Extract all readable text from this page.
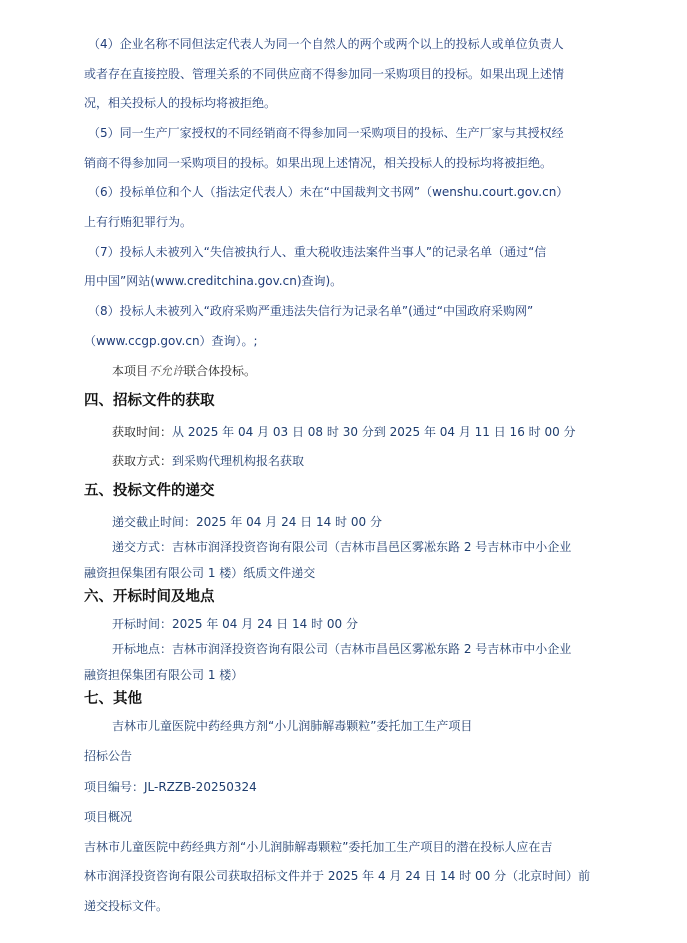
（4）企业名称不同但法定代表人为同一个自然人的两个或两个以上的投标人或单位负责人
或者存在直接控股、管理关系的不同供应商不得参加同一采购项目的投标。如果出现上述情
况，相关投标人的投标均将被拒绝。
（5）同一生产厂家授权的不同经销商不得参加同一采购项目的投标、生产厂家与其授权经
销商不得参加同一采购项目的投标。如果出现上述情况，相关投标人的投标均将被拒绝。
（6）投标单位和个人（指法定代表人）未在“中国裁判文书网”（wenshu.court.gov.cn）
上有行贿犯罪行为。
（7）投标人未被列入“失信被执行人、重大税收违法案件当事人”的记录名单（通过“信
用中国”网站(www.creditchina.gov.cn)查询)。
（8）投标人未被列入“政府采购严重违法失信行为记录名单”(通过“中国政府采购网”
（www.ccgp.gov.cn）查询）。;
本项目不允许联合体投标。
四、招标文件的获取
获取时间：从 2025 年 04 月 03 日 08 时 30 分到 2025 年 04 月 11 日 16 时 00 分
获取方式：到采购代理机构报名获取
五、投标文件的递交
递交截止时间：2025 年 04 月 24 日 14 时 00 分
递交方式：吉林市润泽投资咨询有限公司（吉林市昌邑区雾凇东路 2 号吉林市中小企业
融资担保集团有限公司 1 楼）纸质文件递交
六、开标时间及地点
开标时间：2025 年 04 月 24 日 14 时 00 分
开标地点：吉林市润泽投资咨询有限公司（吉林市昌邑区雾凇东路 2 号吉林市中小企业
融资担保集团有限公司 1 楼）
七、其他
吉林市儿童医院中药经典方剂“小儿润肺解毒颗粒”委托加工生产项目
招标公告
项目编号：JL-RZZB-20250324
项目概况
吉林市儿童医院中药经典方剂“小儿润肺解毒颗粒”委托加工生产项目的潜在投标人应在吉
林市润泽投资咨询有限公司获取招标文件并于 2025 年 4 月 24 日 14 时 00 分（北京时间）前
递交投标文件。
